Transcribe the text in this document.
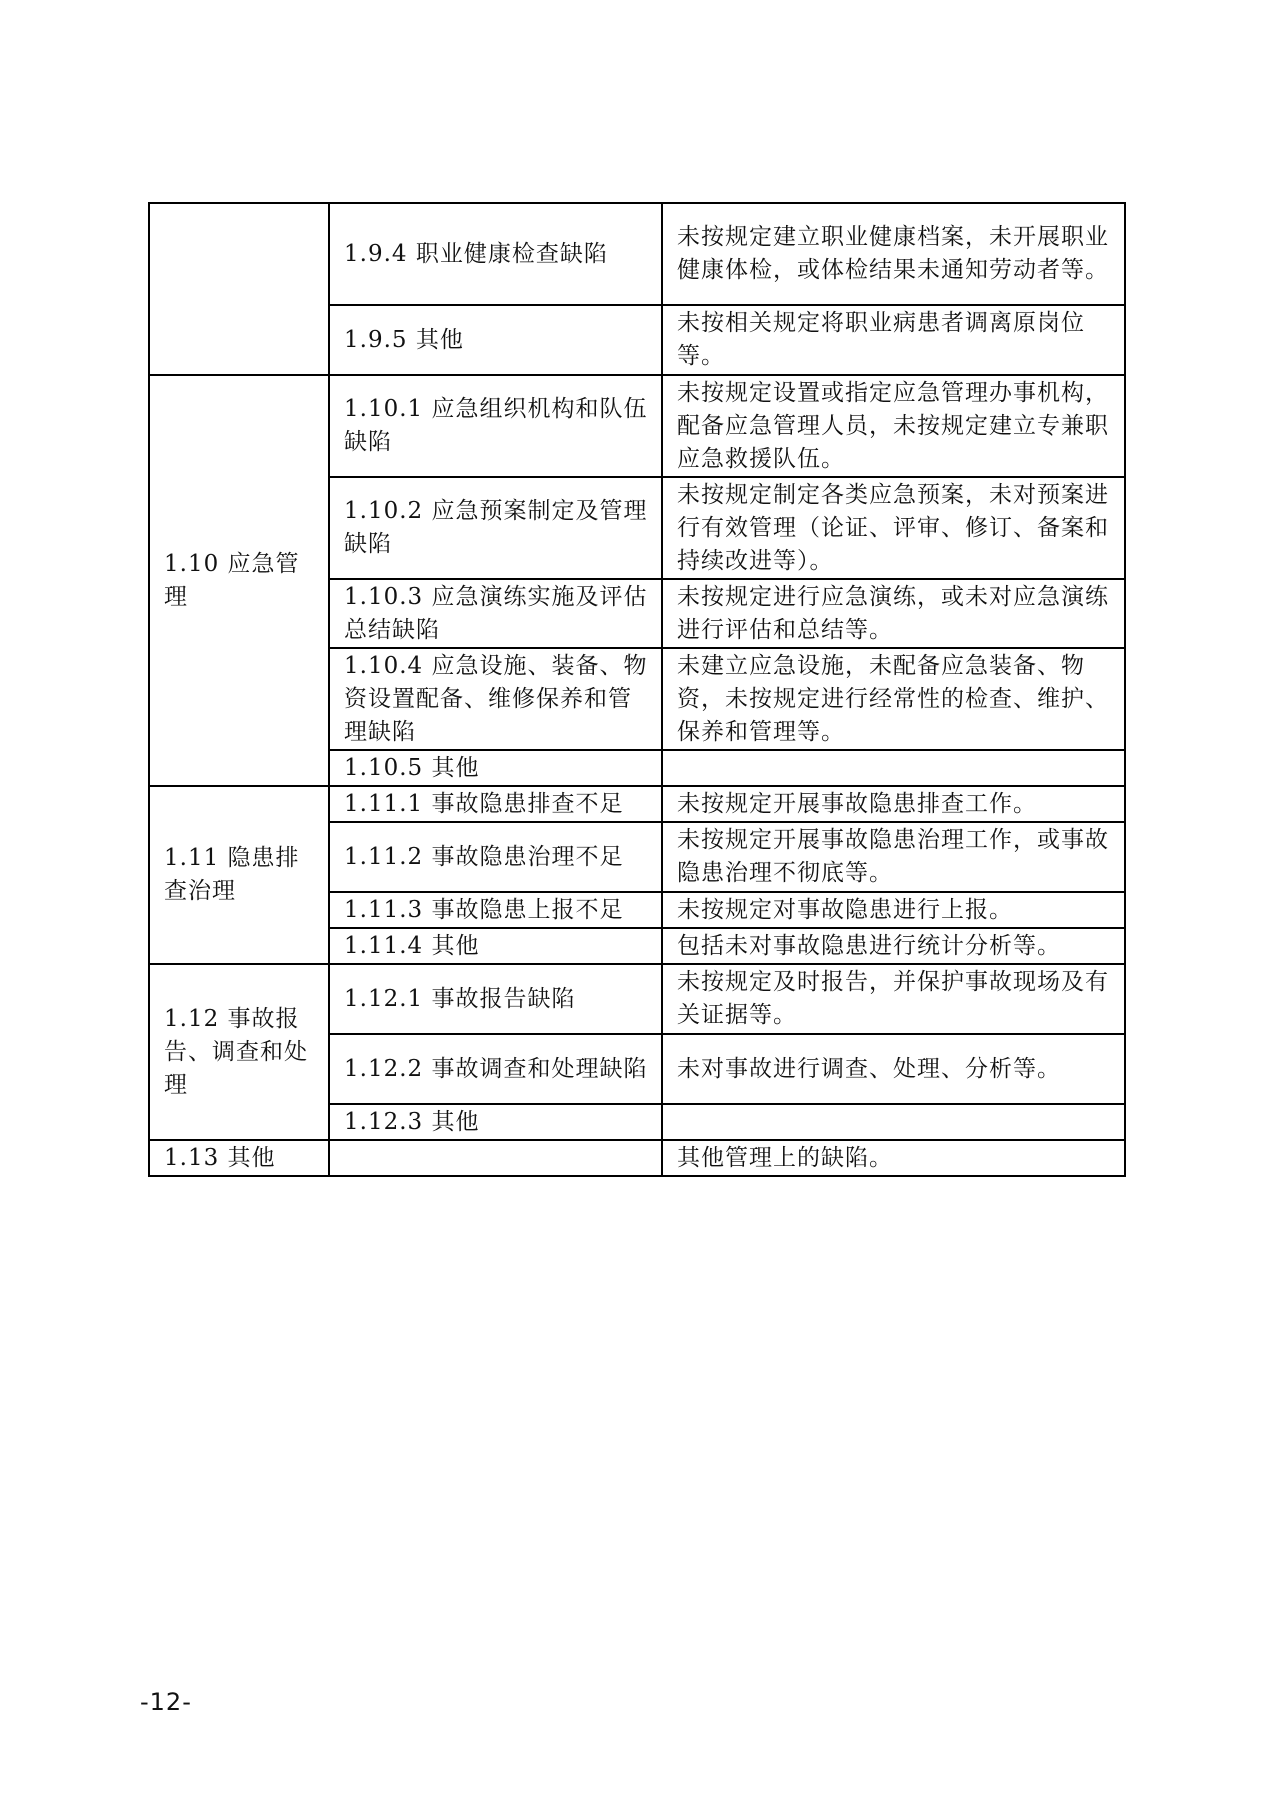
	1.9.4 职业健康检查缺陷	未按规定建立职业健康档案，未开展职业健康体检，或体检结果未通知劳动者等。
	1.9.5 其他	未按相关规定将职业病患者调离原岗位等。
1.10 应急管理	1.10.1 应急组织机构和队伍缺陷	未按规定设置或指定应急管理办事机构，配备应急管理人员，未按规定建立专兼职应急救援队伍。
	1.10.2 应急预案制定及管理缺陷	未按规定制定各类应急预案，未对预案进行有效管理（论证、评审、修订、备案和持续改进等）。
	1.10.3 应急演练实施及评估总结缺陷	未按规定进行应急演练，或未对应急演练进行评估和总结等。
	1.10.4 应急设施、装备、物资设置配备、维修保养和管理缺陷	未建立应急设施，未配备应急装备、物资，未按规定进行经常性的检查、维护、保养和管理等。
	1.10.5 其他	
1.11 隐患排查治理	1.11.1 事故隐患排查不足	未按规定开展事故隐患排查工作。
	1.11.2 事故隐患治理不足	未按规定开展事故隐患治理工作，或事故隐患治理不彻底等。
	1.11.3 事故隐患上报不足	未按规定对事故隐患进行上报。
	1.11.4 其他	包括未对事故隐患进行统计分析等。
1.12 事故报告、调查和处理	1.12.1 事故报告缺陷	未按规定及时报告，并保护事故现场及有关证据等。
	1.12.2 事故调查和处理缺陷	未对事故进行调查、处理、分析等。
	1.12.3 其他	
1.13 其他		其他管理上的缺陷。
-12-
